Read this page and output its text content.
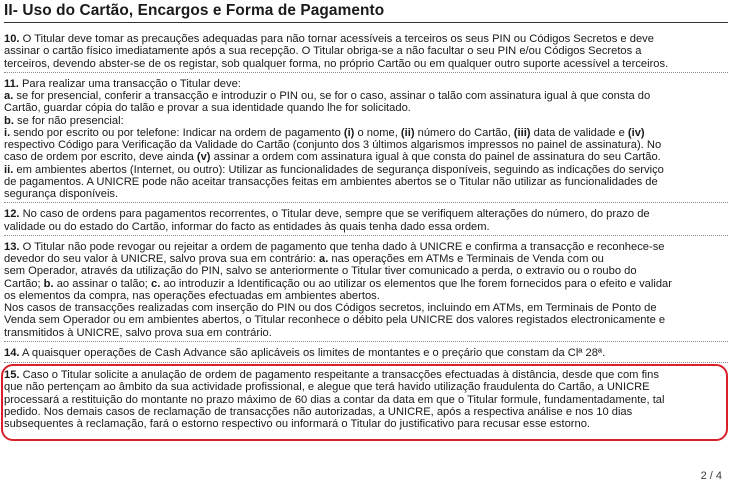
II- Uso do Cartão, Encargos e Forma de Pagamento
10. O Titular deve tomar as precauções adequadas para não tornar acessíveis a terceiros os seus PIN ou Códigos Secretos e deve
assinar o cartão físico imediatamente após a sua recepção. O Titular obriga-se a não facultar o seu PIN e/ou Códigos Secretos a
terceiros, devendo abster-se de os registar, sob qualquer forma, no próprio Cartão ou em qualquer outro suporte acessível a terceiros.
11. Para realizar uma transacção o Titular deve:
a. se for presencial, conferir a transacção e introduzir o PIN ou, se for o caso, assinar o talão com assinatura igual à que consta do
Cartão, guardar cópia do talão e provar a sua identidade quando lhe for solicitado.
b. se for não presencial:
i. sendo por escrito ou por telefone: Indicar na ordem de pagamento (i) o nome, (ii) número do Cartão, (iii) data de validade e (iv)
respectivo Código para Verificação da Validade do Cartão (conjunto dos 3 últimos algarismos impressos no painel de assinatura). No
caso de ordem por escrito, deve ainda (v) assinar a ordem com assinatura igual à que consta do painel de assinatura do seu Cartão.
ii. em ambientes abertos (Internet, ou outro): Utilizar as funcionalidades de segurança disponíveis, seguindo as indicações do serviço
de pagamentos. A UNICRE pode não aceitar transacções feitas em ambientes abertos se o Titular não utilizar as funcionalidades de
segurança disponíveis.
12. No caso de ordens para pagamentos recorrentes, o Titular deve, sempre que se verifiquem alterações do número, do prazo de
validade ou do estado do Cartão, informar do facto as entidades às quais tenha dado essa ordem.
13. O Titular não pode revogar ou rejeitar a ordem de pagamento que tenha dado à UNICRE e confirma a transacção e reconhece-se
devedor do seu valor à UNICRE, salvo prova sua em contrário: a. nas operações em ATMs e Terminais de Venda com ou
sem Operador, através da utilização do PIN, salvo se anteriormente o Titular tiver comunicado a perda, o extravio ou o roubo do
Cartão; b. ao assinar o talão; c. ao introduzir a Identificação ou ao utilizar os elementos que lhe forem fornecidos para o efeito e validar
os elementos da compra, nas operações efectuadas em ambientes abertos.
Nos casos de transacções realizadas com inserção do PIN ou dos Códigos secretos, incluindo em ATMs, em Terminais de Ponto de
Venda sem Operador ou em ambientes abertos, o Titular reconhece o débito pela UNICRE dos valores registados electronicamente e
transmitidos à UNICRE, salvo prova sua em contrário.
14. A quaisquer operações de Cash Advance são aplicáveis os limites de montantes e o preçário que constam da Clª 28ª.
15. Caso o Titular solicite a anulação de ordem de pagamento respeitante a transacções efectuadas à distância, desde que com fins
que não pertençam ao âmbito da sua actividade profissional, e alegue que terá havido utilização fraudulenta do Cartão, a UNICRE
processará a restituição do montante no prazo máximo de 60 dias a contar da data em que o Titular formule, fundamentadamente, tal
pedido. Nos demais casos de reclamação de transacções não autorizadas, a UNICRE, após a respectiva análise e nos 10 dias
subsequentes à reclamação, fará o estorno respectivo ou informará o Titular do justificativo para recusar esse estorno.
2 / 4
